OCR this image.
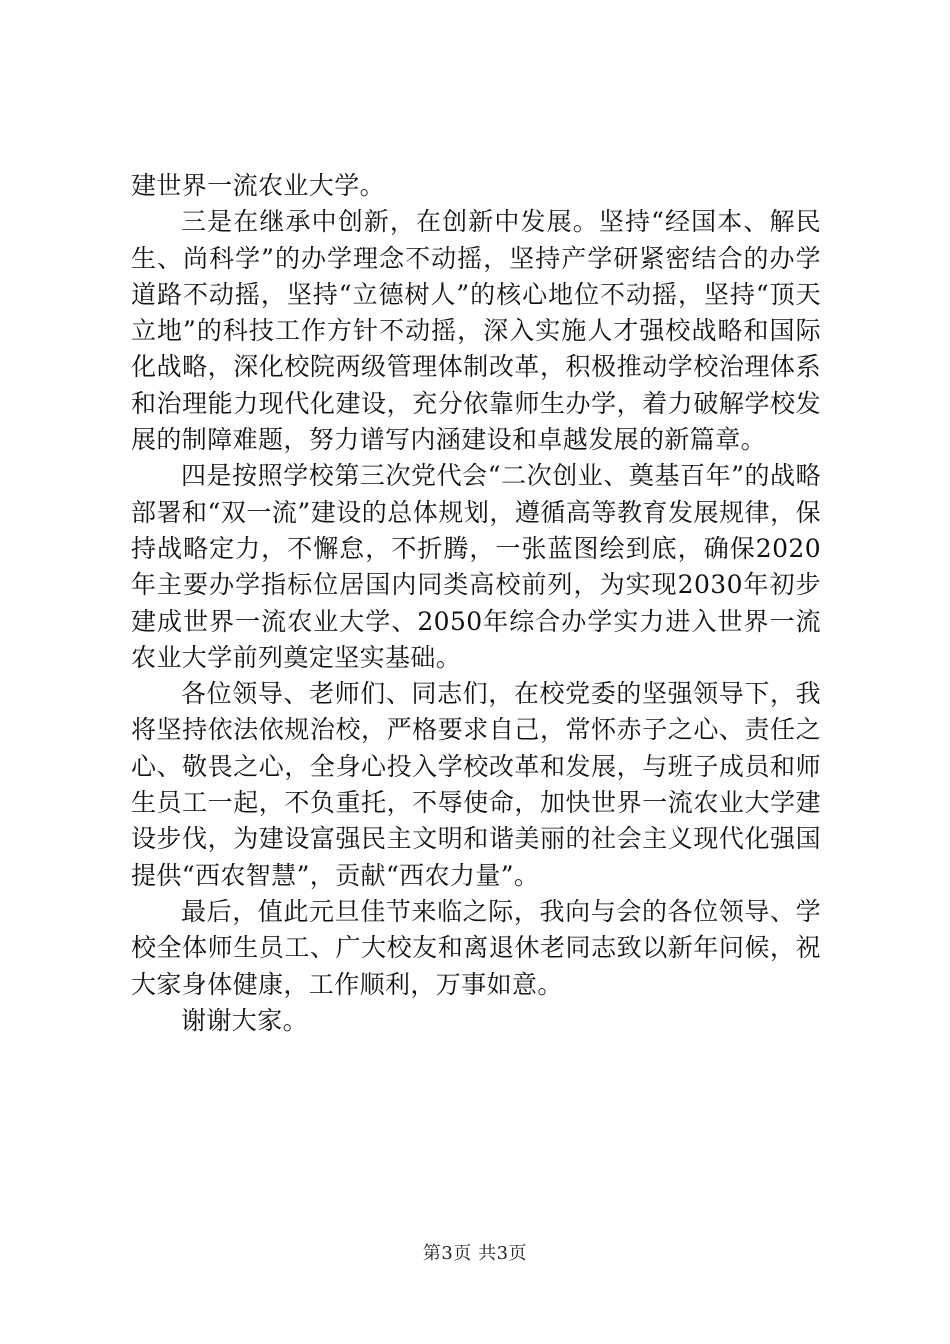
建世界一流农业大学。

三是在继承中创新，在创新中发展。坚持“经国本、解民生、尚科学”的办学理念不动摇，坚持产学研紧密结合的办学道路不动摇，坚持“立德树人”的核心地位不动摇，坚持“顶天立地”的科技工作方针不动摇，深入实施人才强校战略和国际化战略，深化校院两级管理体制改革，积极推动学校治理体系和治理能力现代化建设，充分依靠师生办学，着力破解学校发展的制障难题，努力谱写内涵建设和卓越发展的新篇章。

四是按照学校第三次党代会“二次创业、奠基百年”的战略部署和“双一流”建设的总体规划，遵循高等教育发展规律，保持战略定力，不懈怠，不折腾，一张蓝图绘到底，确保2020年主要办学指标位居国内同类高校前列，为实现2030年初步建成世界一流农业大学、2050年综合办学实力进入世界一流农业大学前列奠定坚实基础。

各位领导、老师们、同志们，在校党委的坚强领导下，我将坚持依法依规治校，严格要求自己，常怀赤子之心、责任之心、敬畏之心，全身心投入学校改革和发展，与班子成员和师生员工一起，不负重托，不辱使命，加快世界一流农业大学建设步伐，为建设富强民主文明和谐美丽的社会主义现代化强国提供“西农智慧”，贡献“西农力量”。

最后，值此元旦佳节来临之际，我向与会的各位领导、学校全体师生员工、广大校友和离退休老同志致以新年问候，祝大家身体健康，工作顺利，万事如意。

谢谢大家。

第3页 共3页
